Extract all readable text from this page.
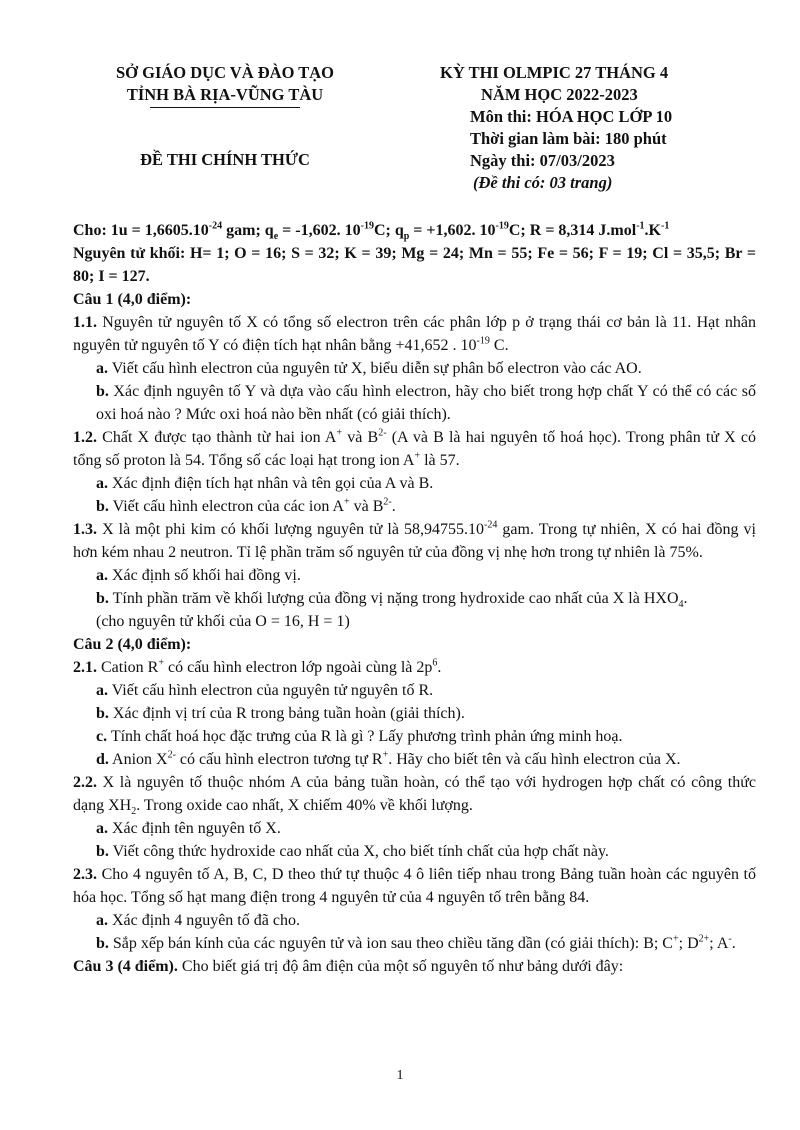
SỞ GIÁO DỤC VÀ ĐÀO TẠO
TỈNH BÀ RỊA-VŨNG TÀU
ĐỀ THI CHÍNH THỨC
KỲ THI OLMPIC 27 THÁNG 4
NĂM HỌC 2022-2023
Môn thi: HÓA HỌC LỚP 10
Thời gian làm bài: 180 phút
Ngày thi: 07/03/2023
(Đề thi có: 03 trang)
Cho: $1u = 1,6605.10^{-24}$ gam; $q_e = -1,602$. $10^{-19}C$; $q_p = +1,602$. $10^{-19}C$; R = 8,314 $J.mol^{-1}.K^{-1}$
Nguyên tử khối: H= 1; O = 16; S = 32; K = 39; Mg = 24; Mn = 55; Fe = 56; F = 19; Cl = 35,5; Br = 80; I = 127.
Câu 1 (4,0 điểm):
1.1. Nguyên tử nguyên tố X có tổng số electron trên các phân lớp p ở trạng thái cơ bản là 11. Hạt nhân nguyên tử nguyên tố Y có điện tích hạt nhân bằng +41,652 . $10^{-19}$ C.
a. Viết cấu hình electron của nguyên tử X, biểu diễn sự phân bố electron vào các AO.
b. Xác định nguyên tố Y và dựa vào cấu hình electron, hãy cho biết trong hợp chất Y có thể có các số oxi hoá nào ? Mức oxi hoá nào bền nhất (có giải thích).
1.2. Chất X được tạo thành từ hai ion A+ và $B^{2-}$ (A và B là hai nguyên tố hoá học). Trong phân tử X có tổng số proton là 54. Tổng số các loại hạt trong ion A+ là 57.
a. Xác định điện tích hạt nhân và tên gọi của A và B.
b. Viết cấu hình electron của các ion A+ và $B^{2-}$.
1.3. X là một phi kim có khối lượng nguyên tử là $58,94755.10^{-24}$ gam. Trong tự nhiên, X có hai đồng vị hơn kém nhau 2 neutron. Tỉ lệ phần trăm số nguyên tử của đồng vị nhẹ hơn trong tự nhiên là 75%.
a. Xác định số khối hai đồng vị.
b. Tính phần trăm về khối lượng của đồng vị nặng trong hydroxide cao nhất của X là $HXO_4$.
(cho nguyên tử khối của O = 16, H = 1)
Câu 2 (4,0 điểm):
2.1. Cation R+ có cấu hình electron lớp ngoài cùng là $2p^6$.
a. Viết cấu hình electron của nguyên tử nguyên tố R.
b. Xác định vị trí của R trong bảng tuần hoàn (giải thích).
c. Tính chất hoá học đặc trưng của R là gì ? Lấy phương trình phản ứng minh hoạ.
d. Anion $X^{2-}$ có cấu hình electron tương tự R+. Hãy cho biết tên và cấu hình electron của X.
2.2. X là nguyên tố thuộc nhóm A của bảng tuần hoàn, có thể tạo với hydrogen hợp chất có công thức dạng $XH_2$. Trong oxide cao nhất, X chiếm 40% về khối lượng.
a. Xác định tên nguyên tố X.
b. Viết công thức hydroxide cao nhất của X, cho biết tính chất của hợp chất này.
2.3. Cho 4 nguyên tố A, B, C, D theo thứ tự thuộc 4 ô liên tiếp nhau trong Bảng tuần hoàn các nguyên tố hóa học. Tổng số hạt mang điện trong 4 nguyên tử của 4 nguyên tố trên bằng 84.
a. Xác định 4 nguyên tố đã cho.
b. Sắp xếp bán kính của các nguyên tử và ion sau theo chiều tăng dần (có giải thích): B; C+; $D^{2+}$; A-.
Câu 3 (4 điểm). Cho biết giá trị độ âm điện của một số nguyên tố như bảng dưới đây:
1
